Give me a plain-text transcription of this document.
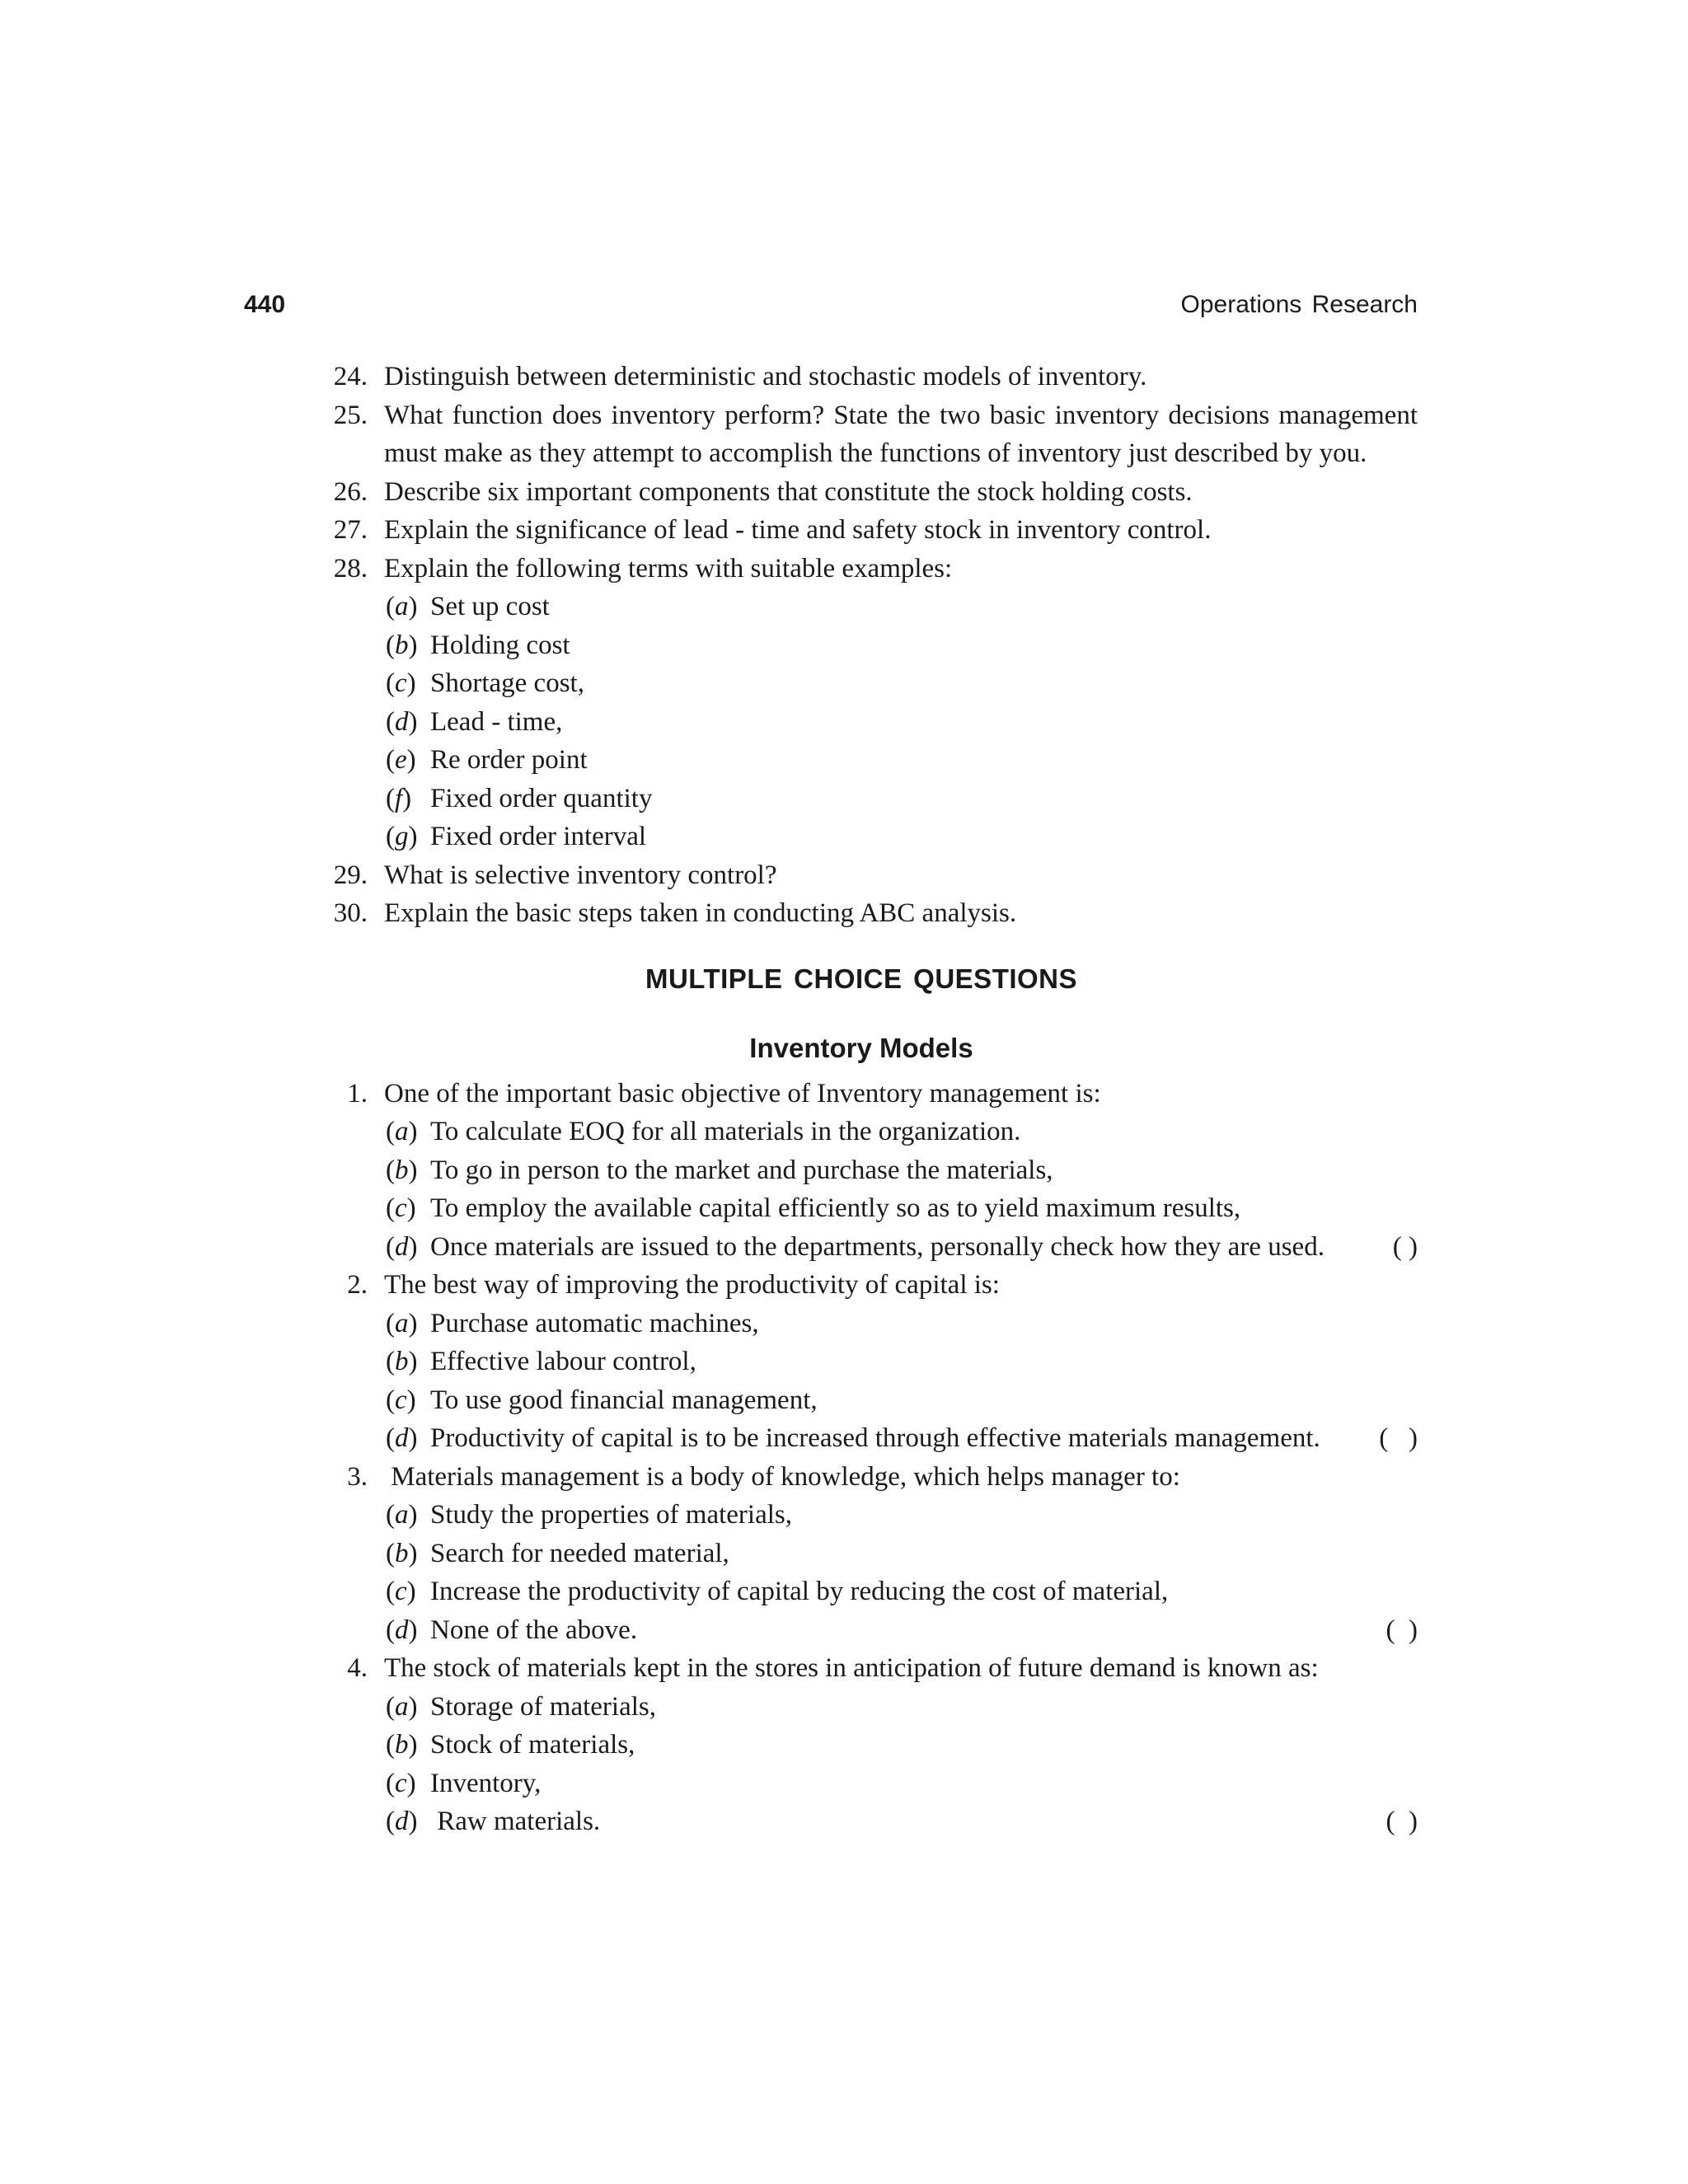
440	Operations Research
24. Distinguish between deterministic and stochastic models of inventory.
25. What function does inventory perform? State the two basic inventory decisions management must make as they attempt to accomplish the functions of inventory just described by you.
26. Describe six important components that constitute the stock holding costs.
27. Explain the significance of lead - time and safety stock in inventory control.
28. Explain the following terms with suitable examples:
(a) Set up cost
(b) Holding cost
(c) Shortage cost,
(d) Lead - time,
(e) Re order point
(f) Fixed order quantity
(g) Fixed order interval
29. What is selective inventory control?
30. Explain the basic steps taken in conducting ABC analysis.
MULTIPLE CHOICE QUESTIONS
Inventory Models
1. One of the important basic objective of Inventory management is:
(a) To calculate EOQ for all materials in the organization.
(b) To go in person to the market and purchase the materials,
(c) To employ the available capital efficiently so as to yield maximum results,
(d) Once materials are issued to the departments, personally check how they are used.	( )
2. The best way of improving the productivity of capital is:
(a) Purchase automatic machines,
(b) Effective labour control,
(c) To use good financial management,
(d) Productivity of capital is to be increased through effective materials management. (   )
3. Materials management is a body of knowledge, which helps manager to:
(a) Study the properties of materials,
(b) Search for needed material,
(c) Increase the productivity of capital by reducing the cost of material,
(d) None of the above.	(  )
4. The stock of materials kept in the stores in anticipation of future demand is known as:
(a) Storage of materials,
(b) Stock of materials,
(c) Inventory,
(d) Raw materials.	(  )
